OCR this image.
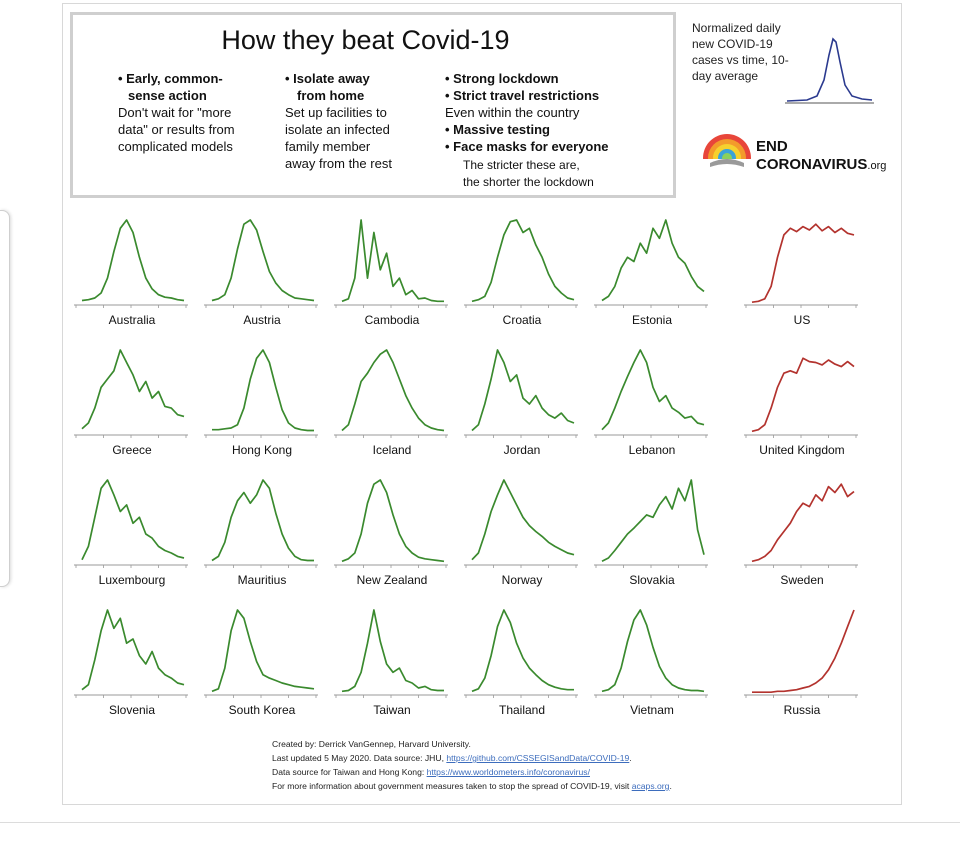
How they beat Covid-19
• Early, common-
sense action
Don't wait for "more
data" or results from
complicated models
• Isolate away
from home
Set up facilities to
isolate an infected
family member
away from the rest
• Strong lockdown
• Strict travel restrictions
Even within the country
• Massive testing
• Face masks for everyone
The stricter these are,
the shorter the lockdown
Normalized daily
new COVID-19
cases vs time, 10-
day average
END
CORONAVIRUS.org
Australia	Austria	Cambodia	Croatia	Estonia	US
Greece	Hong Kong	Iceland	Jordan	Lebanon	United Kingdom
Luxembourg	Mauritius	New Zealand	Norway	Slovakia	Sweden
Slovenia	South Korea	Taiwan	Thailand	Vietnam	Russia
Created by: Derrick VanGennep, Harvard University.
Last updated 5 May 2020. Data source: JHU, https://github.com/CSSEGISandData/COVID-19.
Data source for Taiwan and Hong Kong: https://www.worldometers.info/coronavirus/
For more information about government measures taken to stop the spread of COVID-19, visit acaps.org.
